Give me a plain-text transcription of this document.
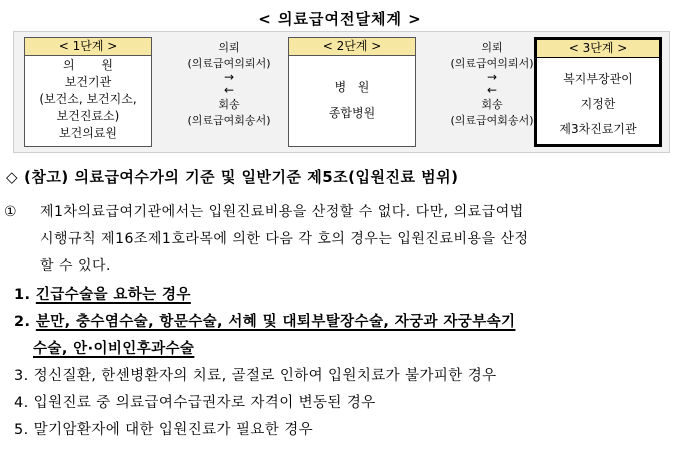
< 의료급여전달체계 >
< 1단계 >
의       원
보건기관
(보건소, 보건지소,
보건진료소)
보건의료원
의뢰
(의료급여의뢰서)
→
←
회송
(의료급여회송서)
< 2단계 >
병   원
종합병원
의뢰
(의료급여의뢰서)
→
←
회송
(의료급여회송서)
< 3단계 >
복지부장관이
지정한
제3차진료기관
◇ (참고) 의료급여수가의 기준 및 일반기준 제5조(입원진료 범위)
①	제1차의료급여기관에서는 입원진료비용을 산정할 수 없다. 다만, 의료급여법
시행규칙 제16조제1호라목에 의한 다음 각 호의 경우는 입원진료비용을 산정
할 수 있다.
1. 긴급수술을 요하는 경우
2. 분만, 충수염수술, 항문수술, 서혜 및 대퇴부탈장수술, 자궁과 자궁부속기
수술, 안·이비인후과수술
3. 정신질환, 한센병환자의 치료, 골절로 인하여 입원치료가 불가피한 경우
4. 입원진료 중 의료급여수급권자로 자격이 변동된 경우
5. 말기암환자에 대한 입원진료가 필요한 경우
